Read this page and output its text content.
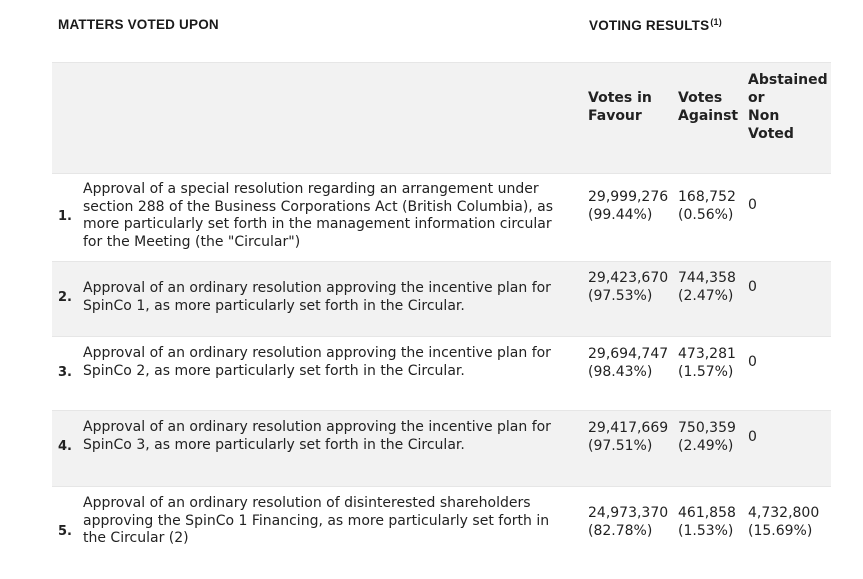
MATTERS VOTED UPON	VOTING RESULTS$^{(1)}$
Votes in
Favour
Votes
Against
Abstained
or
Non
Voted
1.
Approval of a special resolution regarding an arrangement under section 288 of the Business Corporations Act (British Columbia), as more particularly set forth in the management information circular for the Meeting (the "Circular")
29,999,276
(99.44%)
168,752
(0.56%)
0
2.
Approval of an ordinary resolution approving the incentive plan for SpinCo 1, as more particularly set forth in the Circular.
29,423,670
(97.53%)
744,358
(2.47%)
0
3.
Approval of an ordinary resolution approving the incentive plan for SpinCo 2, as more particularly set forth in the Circular.
29,694,747
(98.43%)
473,281
(1.57%)
0
4.
Approval of an ordinary resolution approving the incentive plan for SpinCo 3, as more particularly set forth in the Circular.
29,417,669
(97.51%)
750,359
(2.49%)
0
5.
Approval of an ordinary resolution of disinterested shareholders approving the SpinCo 1 Financing, as more particularly set forth in the Circular (2)
24,973,370
(82.78%)
461,858
(1.53%)
4,732,800
(15.69%)
